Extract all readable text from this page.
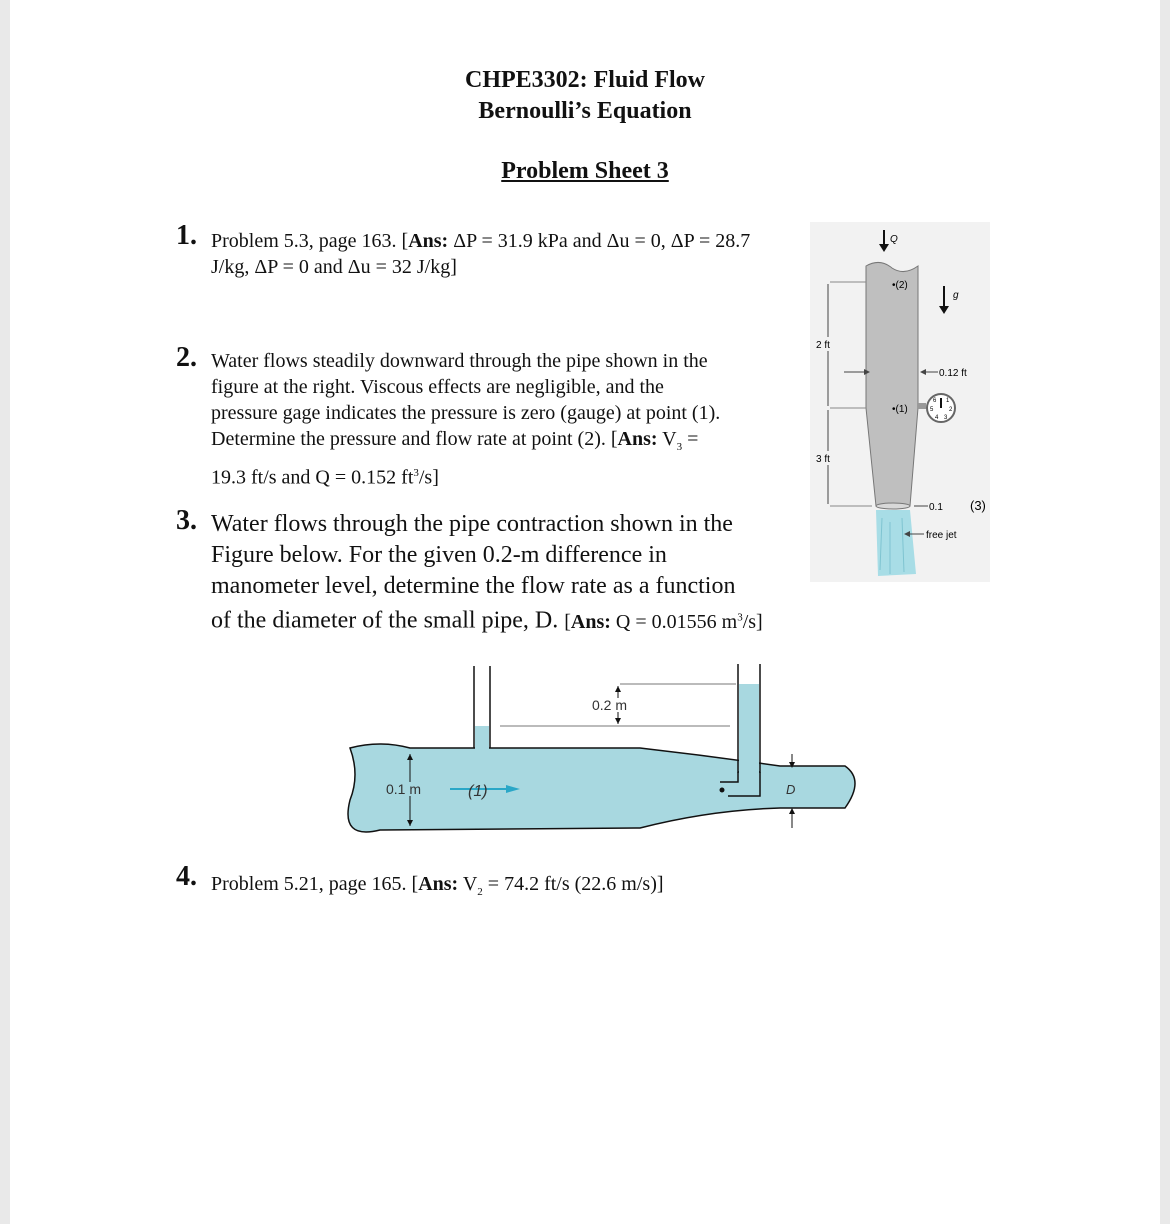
CHPE3302: Fluid Flow
Bernoulli’s Equation
Problem Sheet 3
1. Problem 5.3, page 163. [Ans: ΔP = 31.9 kPa and Δu = 0, ΔP = 28.7
J/kg, ΔP = 0 and Δu = 32 J/kg]
2. Water flows steadily downward through the pipe shown in the
figure at the right. Viscous effects are negligible, and the
pressure gage indicates the pressure is zero (gauge) at point (1).
Determine the pressure and flow rate at point (2). [Ans: $V_3$ =
19.3 ft/s and Q = 0.152 $ft^3/s$]
3. Water flows through the pipe contraction shown in the
Figure below. For the given 0.2-m difference in
manometer level, determine the flow rate as a function
of the diameter of the small pipe, D. [Ans: Q = 0.01556 $m^3/s$]
4. Problem 5.21, page 165. [Ans: $V_2 = 74.2$ ft/s (22.6 m/s)]
Q
g
•(2)
•(1)
6 1
5	2
4 3
2 ft
3 ft
0.12 ft
0.1 (3)
free jet
0.2 m
0.1 m	(1)	D
